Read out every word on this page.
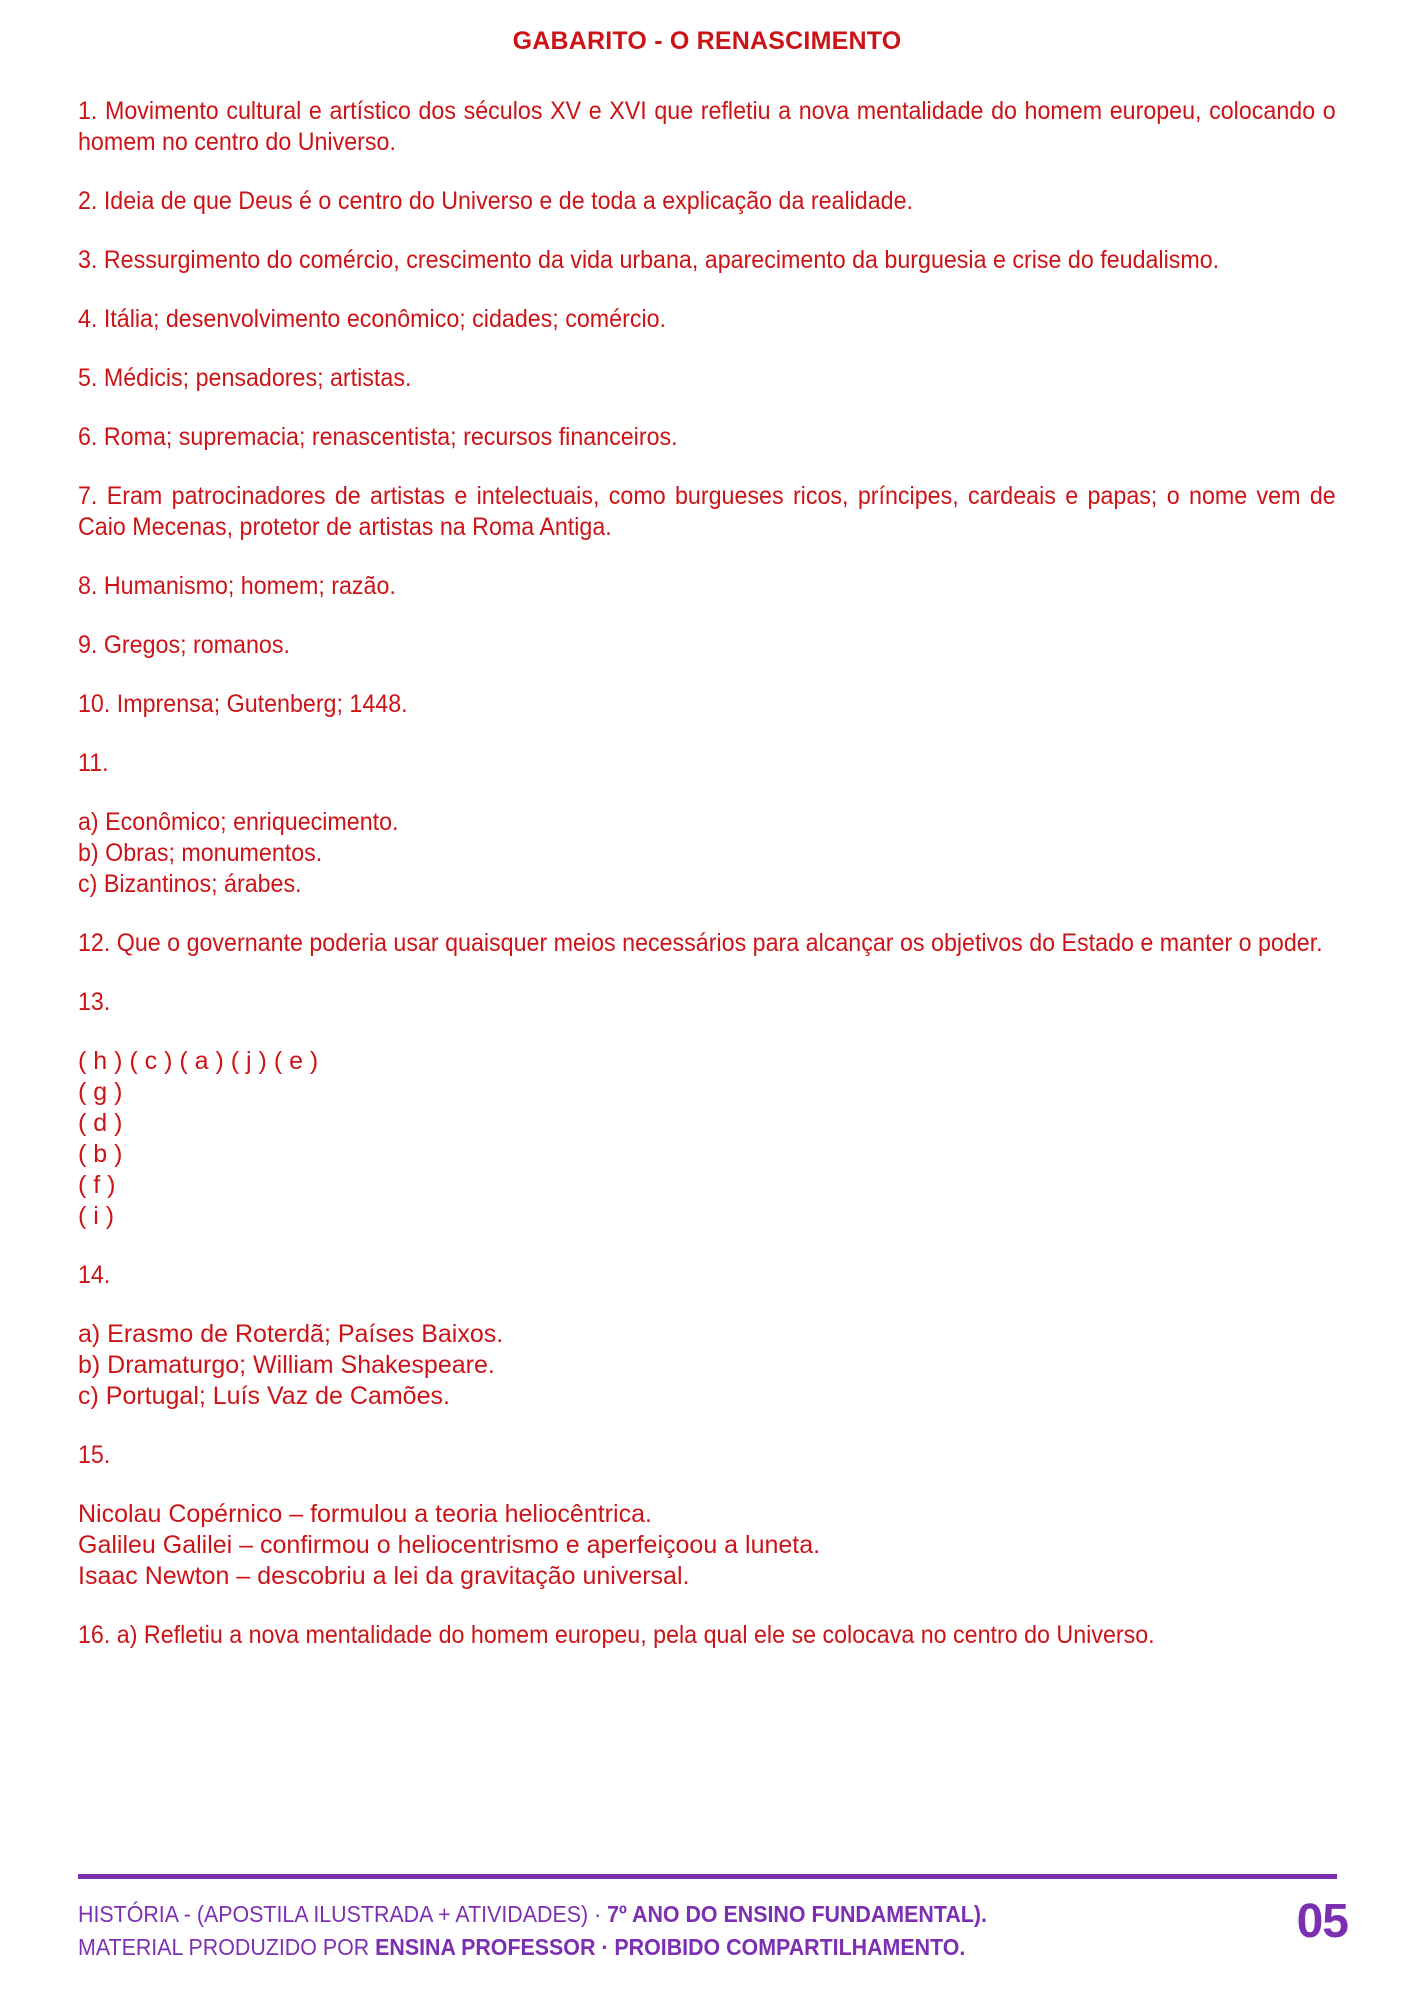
GABARITO - O RENASCIMENTO

1. Movimento cultural e artístico dos séculos XV e XVI que refletiu a nova mentalidade do homem europeu, colocando o homem no centro do Universo.

2. Ideia de que Deus é o centro do Universo e de toda a explicação da realidade.

3. Ressurgimento do comércio, crescimento da vida urbana, aparecimento da burguesia e crise do feudalismo.

4. Itália; desenvolvimento econômico; cidades; comércio.

5. Médicis; pensadores; artistas.

6. Roma; supremacia; renascentista; recursos financeiros.

7. Eram patrocinadores de artistas e intelectuais, como burgueses ricos, príncipes, cardeais e papas; o nome vem de Caio Mecenas, protetor de artistas na Roma Antiga.

8. Humanismo; homem; razão.

9. Gregos; romanos.

10. Imprensa; Gutenberg; 1448.

11.

a) Econômico; enriquecimento.
b) Obras; monumentos.
c) Bizantinos; árabes.

12. Que o governante poderia usar quaisquer meios necessários para alcançar os objetivos do Estado e manter o poder.

13.

( h ) ( c ) ( a ) ( j ) ( e )
( g )
( d )
( b )
( f )
( i )

14.

a) Erasmo de Roterdã; Países Baixos.
b) Dramaturgo; William Shakespeare.
c) Portugal; Luís Vaz de Camões.

15.

Nicolau Copérnico – formulou a teoria heliocêntrica.
Galileu Galilei – confirmou o heliocentrismo e aperfeiçoou a luneta.
Isaac Newton – descobriu a lei da gravitação universal.

16. a) Refletiu a nova mentalidade do homem europeu, pela qual ele se colocava no centro do Universo.

HISTÓRIA - (APOSTILA ILUSTRADA + ATIVIDADES) · 7º ANO DO ENSINO FUNDAMENTAL).
MATERIAL PRODUZIDO POR ENSINA PROFESSOR · PROIBIDO COMPARTILHAMENTO.	05
